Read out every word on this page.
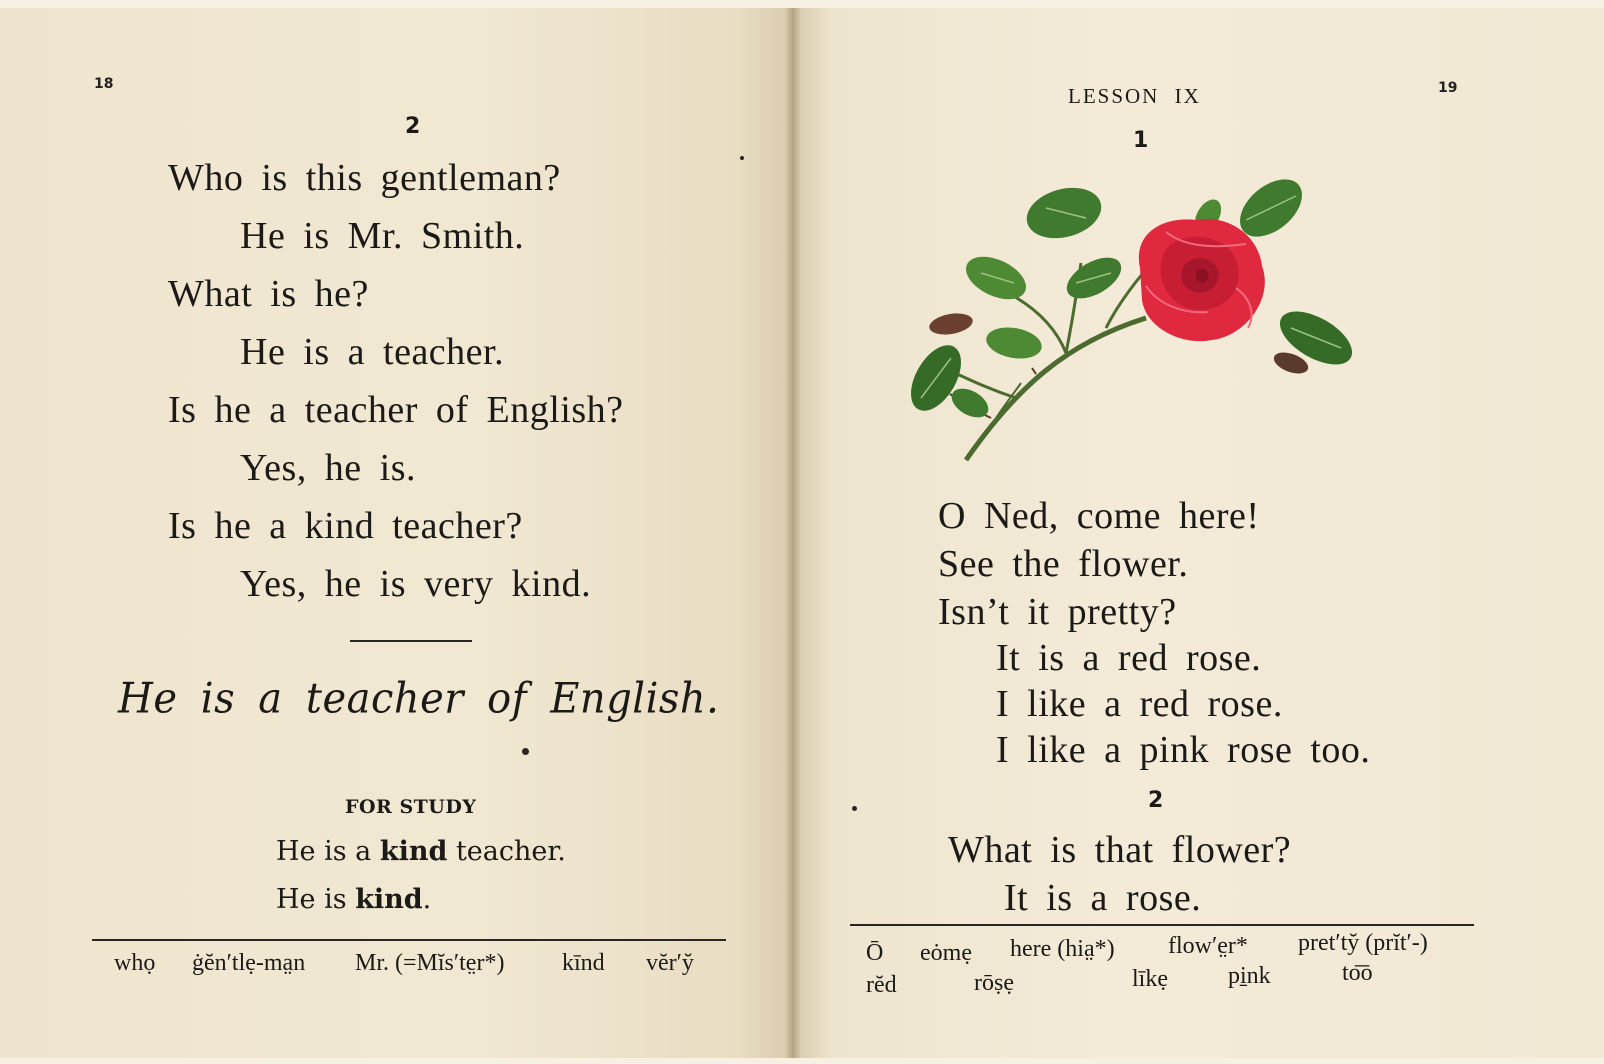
18
2
Who is this gentleman?
He is Mr. Smith.
What is he?
He is a teacher.
Is he a teacher of English?
Yes, he is.
Is he a kind teacher?
Yes, he is very kind.
He is a teacher of English.
FOR STUDY
He is a kind teacher.
He is kind.
whọ ġĕn′tlẹ-ma̤n Mr. (=Mĭs′te̤r*) kīnd vĕr′y̆
LESSON IX	19
1
O Ned, come here!
See the flower.
Isn’t it pretty?
It is a red rose.
I like a red rose.
I like a pink rose too.
2
What is that flower?
It is a rose.
Ō eȯmẹ here (hia̤*) flow′e̤r* pret′ty̆ (prĭt′-)
rĕd	rōṣẹ	līkẹ	pi̱nk	to͞o
